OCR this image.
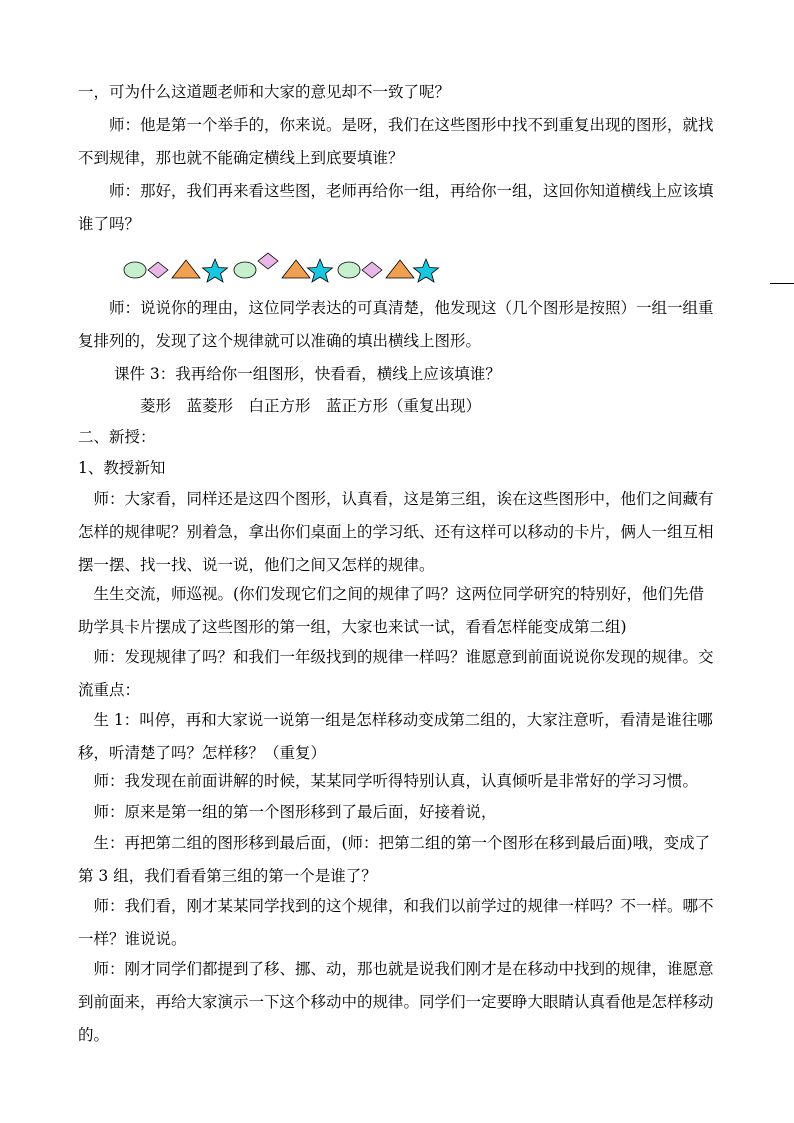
一，可为什么这道题老师和大家的意见却不一致了呢？

师：他是第一个举手的，你来说。是呀，我们在这些图形中找不到重复出现的图形，就找不到规律，那也就不能确定横线上到底要填谁？

师：那好，我们再来看这些图，老师再给你一组，再给你一组，这回你知道横线上应该填谁了吗？

师：说说你的理由，这位同学表达的可真清楚，他发现这（几个图形是按照）一组一组重复排列的，发现了这个规律就可以准确的填出横线上图形。

课件 3：我再给你一组图形，快看看，横线上应该填谁？

菱形　蓝菱形　白正方形　蓝正方形（重复出现）

二、新授：

1、教授新知

师：大家看，同样还是这四个图形，认真看，这是第三组，诶在这些图形中，他们之间藏有怎样的规律呢？别着急，拿出你们桌面上的学习纸、还有这样可以移动的卡片，俩人一组互相摆一摆、找一找、说一说，他们之间又怎样的规律。

生生交流，师巡视。(你们发现它们之间的规律了吗？这两位同学研究的特别好，他们先借助学具卡片摆成了这些图形的第一组，大家也来试一试，看看怎样能变成第二组)

师：发现规律了吗？和我们一年级找到的规律一样吗？谁愿意到前面说说你发现的规律。交流重点：

生 1：叫停，再和大家说一说第一组是怎样移动变成第二组的，大家注意听，看清是谁往哪移，听清楚了吗？怎样移？（重复）

师：我发现在前面讲解的时候，某某同学听得特别认真，认真倾听是非常好的学习习惯。

师：原来是第一组的第一个图形移到了最后面，好接着说，

生：再把第二组的图形移到最后面，(师：把第二组的第一个图形在移到最后面)哦，变成了第 3 组，我们看看第三组的第一个是谁了？

师：我们看，刚才某某同学找到的这个规律，和我们以前学过的规律一样吗？不一样。哪不一样？谁说说。

师：刚才同学们都提到了移、挪、动，那也就是说我们刚才是在移动中找到的规律，谁愿意到前面来，再给大家演示一下这个移动中的规律。同学们一定要睁大眼睛认真看他是怎样移动的。
